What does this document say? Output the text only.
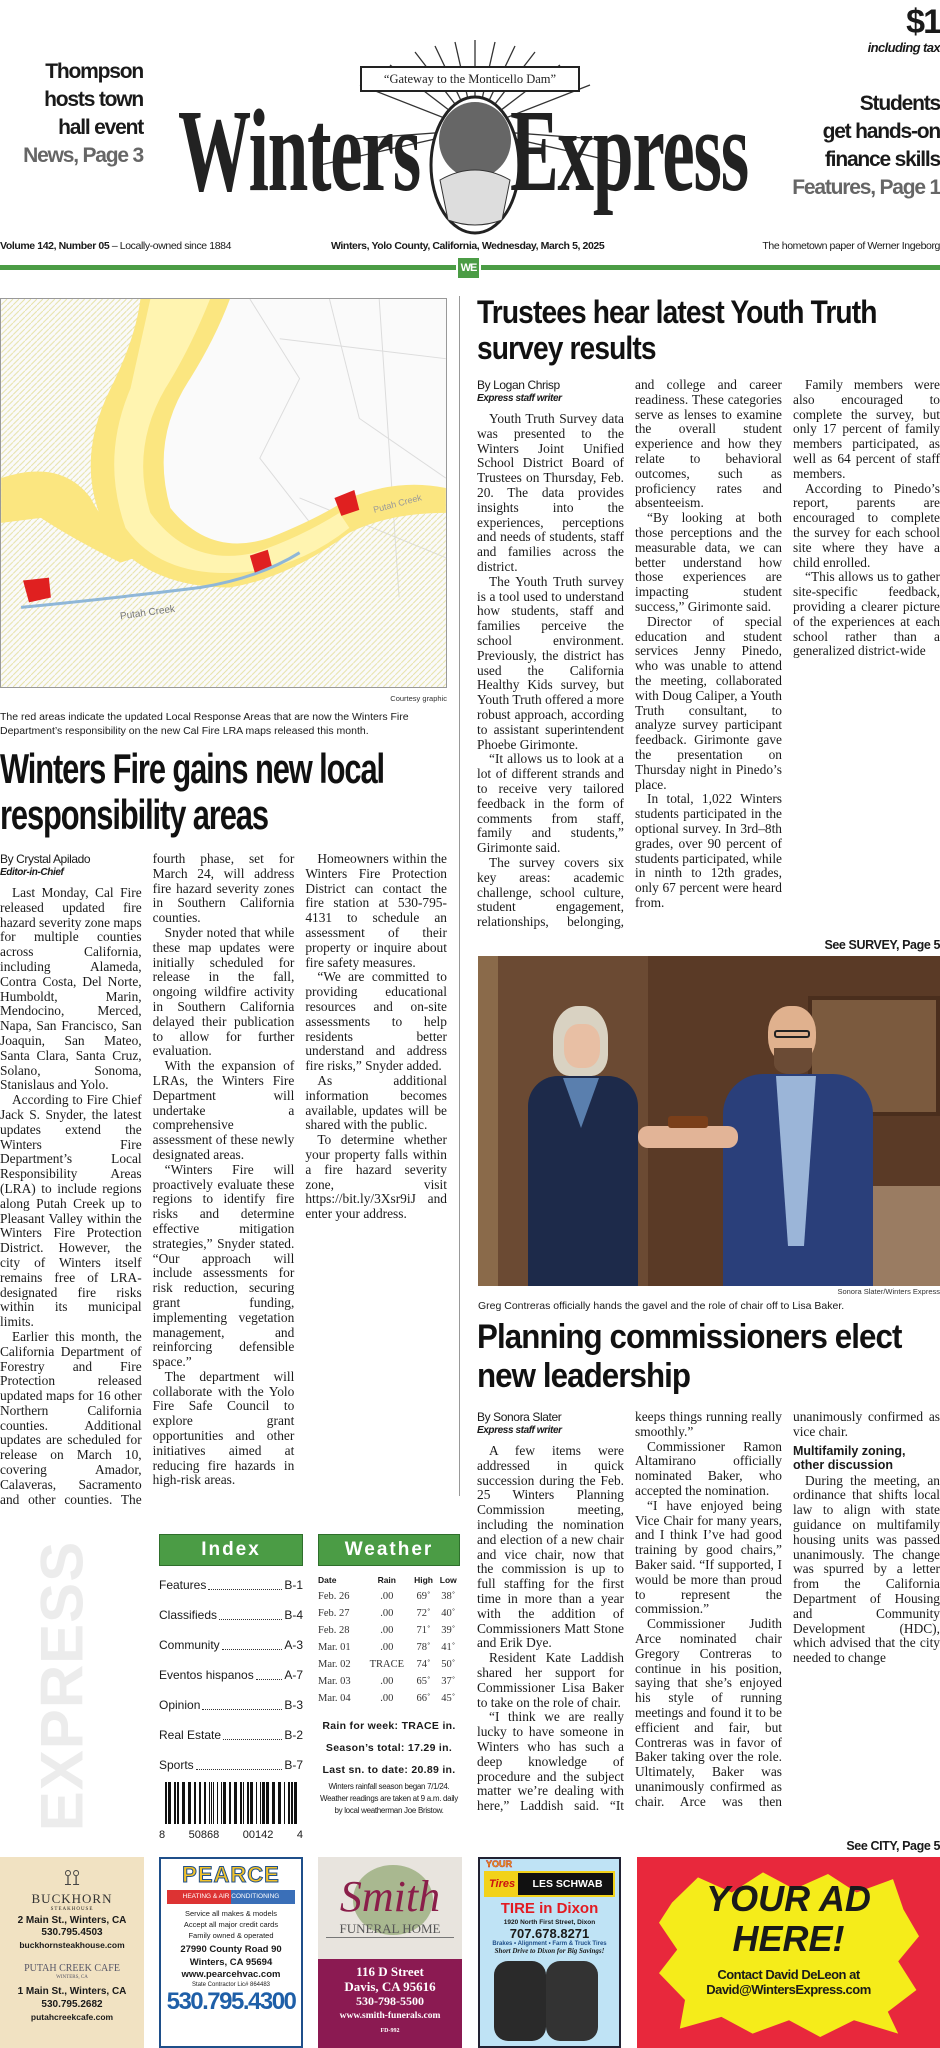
Thompson
hosts town
hall event
News, Page 3
$1
including tax
Students
get hands-on
finance skills
Features, Page 1
“Gateway to the Monticello Dam”
Winters Express
Volume 142, Number 05 – Locally-owned since 1884	Winters, Yolo County, California, Wednesday, March 5, 2025	The hometown paper of Werner Ingeborg
WE
Putah Creek
Putah Creek
Courtesy graphic
The red areas indicate the updated Local Response Areas that are now the Winters Fire Department’s responsibility on the new Cal Fire LRA maps released this month.
Winters Fire gains new local responsibility areas
By Crystal Apilado
Editor-in-Chief

Last Monday, Cal Fire released updated fire hazard severity zone maps for multiple counties across California, including Alameda, Contra Costa, Del Norte, Humboldt, Marin, Mendocino, Merced, Napa, San Francisco, San Joaquin, San Mateo, Santa Clara, Santa Cruz, Solano, Sonoma, Stanislaus and Yolo.

According to Fire Chief Jack S. Snyder, the latest updates extend the Winters Fire Department’s Local Responsibility Areas (LRA) to include regions along Putah Creek up to Pleasant Valley within the Winters Fire Protection District. However, the city of Winters itself remains free of LRA-designated fire risks within its municipal limits.

Earlier this month, the California Department of Forestry and Fire Protection released updated maps for 16 other Northern California counties. Additional updates are scheduled for release on March 10, covering Amador, Calaveras, Sacramento and other counties. The fourth phase, set for March 24, will address fire hazard severity zones in Southern California counties.

Snyder noted that while these map updates were initially scheduled for release in the fall, ongoing wildfire activity in Southern California delayed their publication to allow for further evaluation.

With the expansion of LRAs, the Winters Fire Department will undertake a comprehensive assessment of these newly designated areas.

“Winters Fire will proactively evaluate these regions to identify fire risks and determine effective mitigation strategies,” Snyder stated. “Our approach will include assessments for risk reduction, securing grant funding, implementing vegetation management, and reinforcing defensible space.”

The department will collaborate with the Yolo Fire Safe Council to explore grant opportunities and other initiatives aimed at reducing fire hazards in high-risk areas.

Homeowners within the Winters Fire Protection District can contact the fire station at 530-795-4131 to schedule an assessment of their property or inquire about fire safety measures.

“We are committed to providing educational resources and on-site assessments to help residents better understand and address fire risks,” Snyder added.

As additional information becomes available, updates will be shared with the public.

To determine whether your property falls within a fire hazard severity zone, visit https://bit.ly/3Xsr9iJ and enter your address.

EXPRESS	Index
Features	B-1
Classifieds	B-4
Community	A-3
Eventos hispanos	A-7
Opinion	B-3
Real Estate	B-2
Sports	B-7
8 50868 00142 4
Weather
Date	Rain	High	Low
Feb. 26	.00	69˚	38˚
Feb. 27	.00	72˚	40˚
Feb. 28	.00	71˚	39˚
Mar. 01	.00	78˚	41˚
Mar. 02	TRACE	74˚	50˚
Mar. 03	.00	65˚	37˚
Mar. 04	.00	66˚	45˚
Rain for week: TRACE in.
Season’s total: 17.29 in.
Last sn. to date: 20.89 in.
Winters rainfall season began 7/1/24. Weather readings are taken at 9 a.m. daily by local weatherman Joe Bristow.
Trustees hear latest Youth Truth survey results
By Logan Chrisp
Express staff writer

Youth Truth Survey data was presented to the Winters Joint Unified School District Board of Trustees on Thursday, Feb. 20. The data provides insights into the experiences, perceptions and needs of students, staff and families across the district.

The Youth Truth survey is a tool used to understand how students, staff and families perceive the school environment. Previously, the district has used the California Healthy Kids survey, but Youth Truth offered a more robust approach, according to assistant superintendent Phoebe Girimonte.

“It allows us to look at a lot of different strands and to receive very tailored feedback in the form of comments from staff, family and students,” Girimonte said.

The survey covers six key areas: academic challenge, school culture, student engagement, relationships, belonging, and college and career readiness. These categories serve as lenses to examine the overall student experience and how they relate to behavioral outcomes, such as proficiency rates and absenteeism.

“By looking at both those perceptions and the measurable data, we can better understand how those experiences are impacting student success,” Girimonte said.

Director of special education and student services Jenny Pinedo, who was unable to attend the meeting, collaborated with Doug Caliper, a Youth Truth consultant, to analyze survey participant feedback. Girimonte gave the presentation on Thursday night in Pinedo’s place.

In total, 1,022 Winters students participated in the optional survey. In 3rd–8th grades, over 90 percent of students participated, while in ninth to 12th grades, only 67 percent were heard from.

Family members were also encouraged to complete the survey, but only 17 percent of family members participated, as well as 64 percent of staff members.

According to Pinedo’s report, parents are encouraged to complete the survey for each school site where they have a child enrolled.

“This allows us to gather site-specific feedback, providing a clearer picture of the experiences at each school rather than a generalized district-wide

See SURVEY, Page 5
Sonora Slater/Winters Express
Greg Contreras officially hands the gavel and the role of chair off to Lisa Baker.
Planning commissioners elect new leadership
By Sonora Slater
Express staff writer

A few items were addressed in quick succession during the Feb. 25 Winters Planning Commission meeting, including the nomination and election of a new chair and vice chair, now that the commission is up to full staffing for the first time in more than a year with the addition of Commissioners Matt Stone and Erik Dye.

Resident Kate Laddish shared her support for Commissioner Lisa Baker to take on the role of chair.

“I think we are really lucky to have someone in Winters who has such a deep knowledge of procedure and the subject matter we’re dealing with here,” Laddish said. “It keeps things running really smoothly.”

Commissioner Ramon Altamirano officially nominated Baker, who accepted the nomination.

“I have enjoyed being Vice Chair for many years, and I think I’ve had good training by good chairs,” Baker said. “If supported, I would be more than proud to represent the commission.”

Commissioner Judith Arce nominated chair Gregory Contreras to continue in his position, saying that she’s enjoyed his style of running meetings and found it to be efficient and fair, but Contreras was in favor of Baker taking over the role. Ultimately, Baker was unanimously confirmed as chair. Arce was then unanimously confirmed as vice chair.

Multifamily zoning, other discussion

During the meeting, an ordinance that shifts local law to align with state guidance on multifamily housing units was passed unanimously. The change was spurred by a letter from the California Department of Housing and Community Development (HDC), which advised that the city needed to change

See CITY, Page 5
⟟⟟
BUCKHORN
STEAKHOUSE
2 Main St., Winters, CA
530.795.4503
buckhornsteakhouse.com
PUTAH CREEK CAFE
WINTERS, CA
1 Main St., Winters, CA
530.795.2682
putahcreekcafe.com
PEARCE
HEATING & AIR CONDITIONING
Service all makes & models
Accept all major credit cards
Family owned & operated
27990 County Road 90
Winters, CA 95694
www.pearcehvac.com
State Contractor Lic# 864483
530.795.4300
Smith
FUNERAL HOME
116 D Street
Davis, CA 95616
530-798-5500
www.smith-funerals.com
FD-992
YOUR
Tires	LES SCHWAB
TIRE in Dixon
1920 North First Street, Dixon
707.678.8271
Brakes • Alignment • Farm & Truck Tires
Short Drive to Dixon for Big Savings!
YOUR AD
HERE!
Contact David DeLeon at
David@WintersExpress.com
